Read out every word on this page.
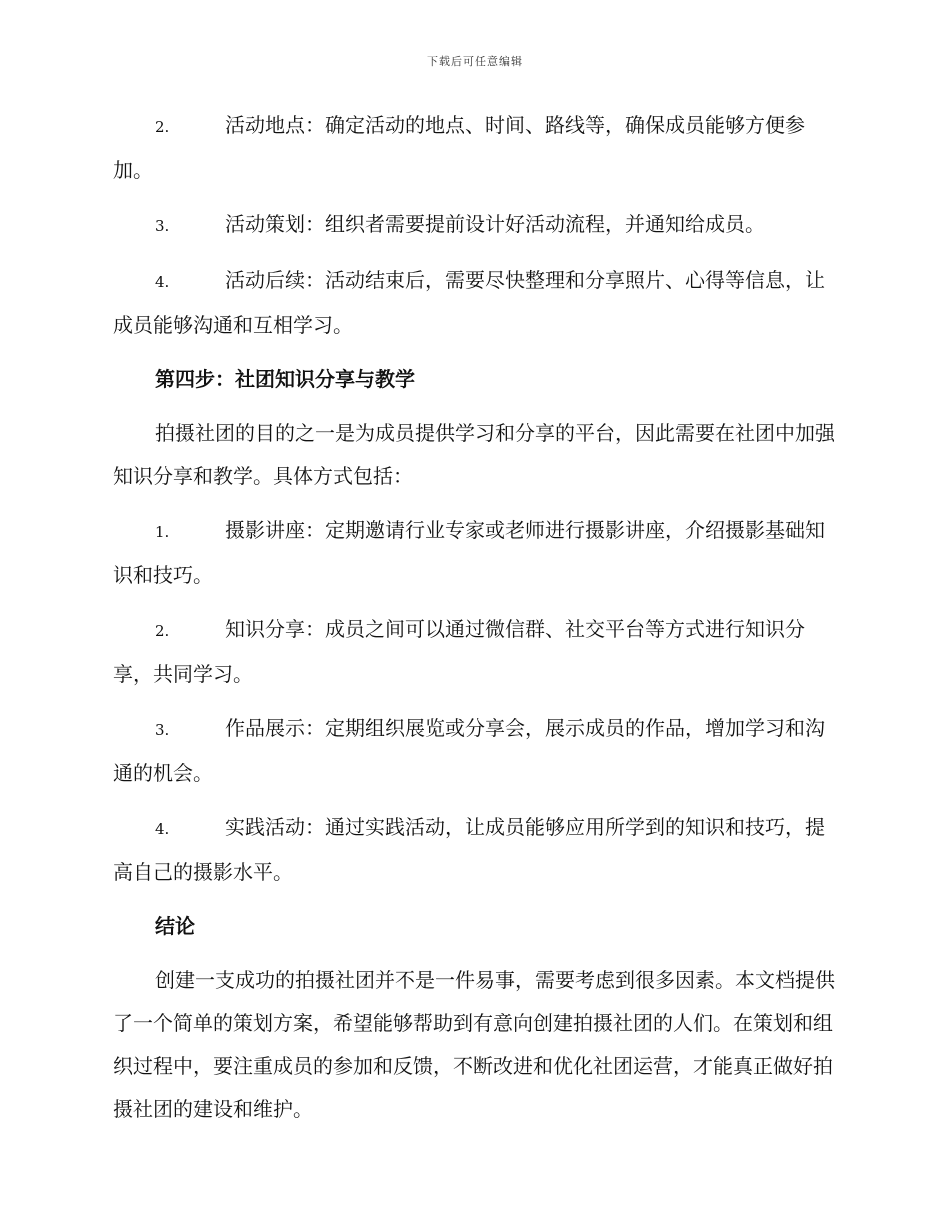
下载后可任意编辑

2.	活动地点：确定活动的地点、时间、路线等，确保成员能够方便参加。

3.	活动策划：组织者需要提前设计好活动流程，并通知给成员。

4.	活动后续：活动结束后，需要尽快整理和分享照片、心得等信息，让成员能够沟通和互相学习。

第四步：社团知识分享与教学

拍摄社团的目的之一是为成员提供学习和分享的平台，因此需要在社团中加强知识分享和教学。具体方式包括：

1.	摄影讲座：定期邀请行业专家或老师进行摄影讲座，介绍摄影基础知识和技巧。

2.	知识分享：成员之间可以通过微信群、社交平台等方式进行知识分享，共同学习。

3.	作品展示：定期组织展览或分享会，展示成员的作品，增加学习和沟通的机会。

4.	实践活动：通过实践活动，让成员能够应用所学到的知识和技巧，提高自己的摄影水平。

结论

创建一支成功的拍摄社团并不是一件易事，需要考虑到很多因素。本文档提供了一个简单的策划方案，希望能够帮助到有意向创建拍摄社团的人们。在策划和组织过程中，要注重成员的参加和反馈，不断改进和优化社团运营，才能真正做好拍摄社团的建设和维护。
